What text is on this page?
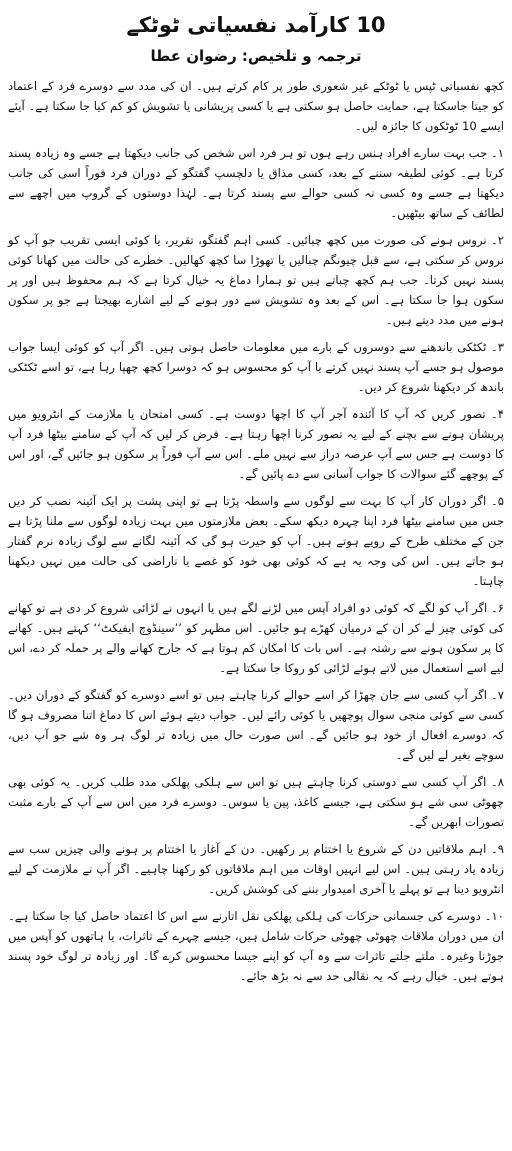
10 کارآمد نفسیاتی ٹوٹکے
ترجمہ و تلخیص: رضوان عطا

کچھ نفسیاتی ٹپس یا ٹوٹکے غیر شعوری طور پر کام کرتے ہیں۔ ان کی مدد سے دوسرے فرد کے اعتماد کو جیتا جاسکتا ہے، حمایت حاصل ہو سکتی ہے یا کسی پریشانی یا تشویش کو کم کیا جا سکتا ہے۔ آیئے ایسے 10 ٹوٹکوں کا جائزہ لیں۔

۱۔ جب بہت سارے افراد ہنس رہے ہوں تو ہر فرد اس شخص کی جانب دیکھتا ہے جسے وہ زیادہ پسند کرتا ہے۔ کوئی لطیفہ سننے کے بعد، کسی مذاق یا دلچسپ گفتگو کے دوران فرد فوراً اسی کی جانب دیکھتا ہے جسے وہ کسی نہ کسی حوالے سے پسند کرتا ہے۔ لہٰذا دوستوں کے گروپ میں اچھے سے لطائف کے ساتھ بیٹھیں۔

۲۔ نروس ہونے کی صورت میں کچھ چبائیں۔ کسی اہم گفتگو، تقریر، یا کوئی ایسی تقریب جو آپ کو نروس کر سکتی ہے، سے قبل چیونگم چبالیں یا تھوڑا سا کچھ کھالیں۔ خطرے کی حالت میں کھانا کوئی پسند نہیں کرتا۔ جب ہم کچھ چباتے ہیں تو ہمارا دماغ یہ خیال کرتا ہے کہ ہم محفوظ ہیں اور پر سکون ہوا جا سکتا ہے۔ اس کے بعد وہ تشویش سے دور ہونے کے لیے اشارے بھیجتا ہے جو پر سکون ہونے میں مدد دیتے ہیں۔

۳۔ ٹکٹکی باندھنے سے دوسروں کے بارے میں معلومات حاصل ہوتی ہیں۔ اگر آپ کو کوئی ایسا جواب موصول ہو جسے آپ پسند نہیں کرتے یا آپ کو محسوس ہو کہ دوسرا کچھ چھپا رہا ہے، تو اسے ٹکٹکی باندھ کر دیکھنا شروع کر دیں۔

۴۔ تصور کریں کہ آپ کا آئندہ آجر آپ کا اچھا دوست ہے۔ کسی امتحان یا ملازمت کے انٹرویو میں پریشان ہونے سے بچنے کے لیے یہ تصور کرنا اچھا رہتا ہے۔ فرض کر لیں کہ آپ کے سامنے بیٹھا فرد آپ کا دوست ہے جس سے آپ عرصہ دراز سے نہیں ملے۔ اس سے آپ فوراً پر سکون ہو جائیں گے، اور اس کے پوچھے گئے سوالات کا جواب آسانی سے دے پائیں گے۔

۵۔ اگر دوران کار آپ کا بہت سے لوگوں سے واسطہ پڑتا ہے تو اپنی پشت پر ایک آئینہ نصب کر دیں جس میں سامنے بیٹھا فرد اپنا چہرہ دیکھ سکے۔ بعض ملازمتوں میں بہت زیادہ لوگوں سے ملنا پڑتا ہے جن کے مختلف طرح کے رویے ہوتے ہیں۔ آپ کو حیرت ہو گی کہ آئینہ لگانے سے لوگ زیادہ نرم گفتار ہو جاتے ہیں۔ اس کی وجہ یہ ہے کہ کوئی بھی خود کو غصے یا ناراضی کی حالت میں نہیں دیکھنا چاہتا۔

۶۔ اگر آپ کو لگے کہ کوئی دو افراد آپس میں لڑنے لگے ہیں یا انہوں نے لڑائی شروع کر دی ہے تو کھانے کی کوئی چیز لے کر ان کے درمیان کھڑے ہو جائیں۔ اس مظہر کو ’’سینڈوچ ایفیکٹ‘‘ کہتے ہیں۔ کھانے کا پر سکون ہونے سے رشتہ ہے۔ اس بات کا امکان کم ہوتا ہے کہ جارح کھانے والے پر حملہ کر دے، اس لیے اسے استعمال میں لاتے ہوئے لڑائی کو روکا جا سکتا ہے۔

۷۔ اگر آپ کسی سے جان چھڑا کر اسے حوالے کرنا چاہتے ہیں تو اسے دوسرے کو گفتگو کے دوران دیں۔ کسی سے کوئی منجی سوال پوچھیں یا کوئی رائے لیں۔ جواب دیتے ہوئے اس کا دماغ اتنا مصروف ہو گا کہ دوسرے افعال از خود ہو جائیں گے۔ اس صورت حال میں زیادہ تر لوگ ہر وہ شے جو آپ دیں، سوچے بغیر لے لیں گے۔

۸۔ اگر آپ کسی سے دوستی کرنا چاہتے ہیں تو اس سے ہلکی پھلکی مدد طلب کریں۔ یہ کوئی بھی چھوٹی سی شے ہو سکتی ہے، جیسے کاغذ، پین یا سوس۔ دوسرے فرد میں اس سے آپ کے بارے مثبت تصورات ابھریں گے۔

۹۔ اہم ملاقاتیں دن کے شروع یا اختتام پر رکھیں۔ دن کے آغاز یا اختتام پر ہونے والی چیزیں سب سے زیادہ یاد رہتی ہیں۔ اس لیے انہیں اوقات میں اہم ملاقاتوں کو رکھنا چاہیے۔ اگر آپ نے ملازمت کے لیے انٹرویو دینا ہے تو پہلے یا آخری امیدوار بننے کی کوشش کریں۔

۱۰۔ دوسرے کی جسمانی حرکات کی ہلکی پھلکی نقل اتارنے سے اس کا اعتماد حاصل کیا جا سکتا ہے۔ ان میں دوران ملاقات چھوٹی چھوٹی حرکات شامل ہیں، جیسے چہرے کے تاثرات، یا ہاتھوں کو آپس میں جوڑنا وغیرہ۔ ملتے جلتے تاثرات سے وہ آپ کو اپنے جیسا محسوس کرے گا۔ اور زیادہ تر لوگ خود پسند ہوتے ہیں۔ خیال رہے کہ یہ نقالی حد سے نہ بڑھ جائے۔
